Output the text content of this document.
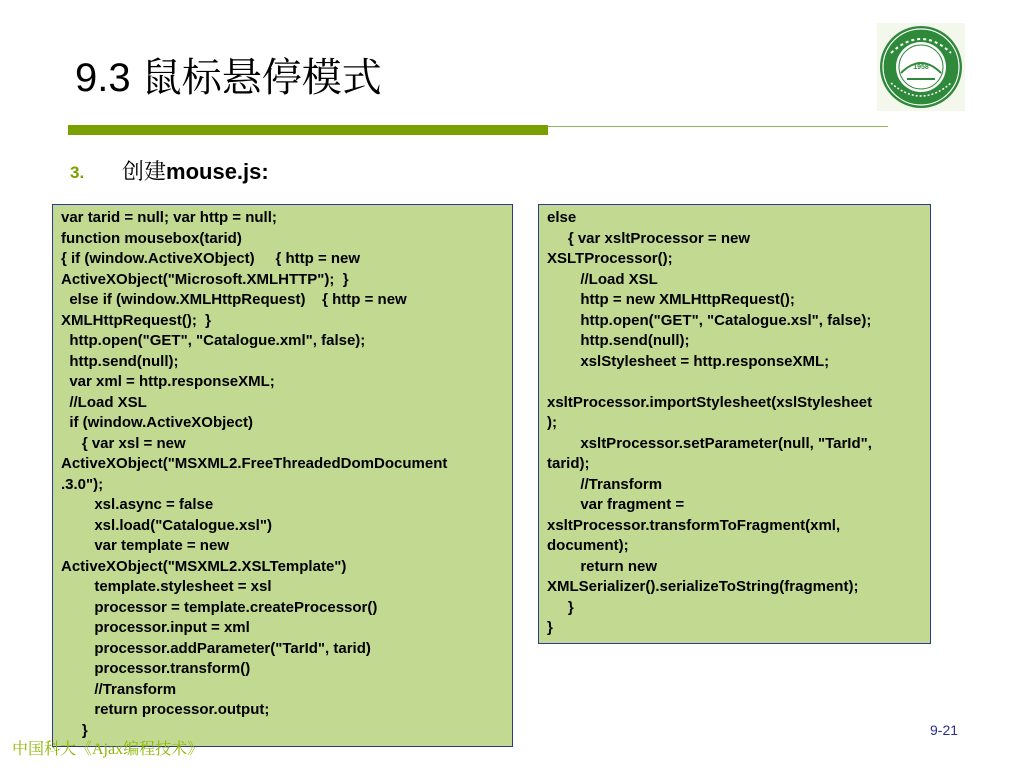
9.3 鼠标悬停模式	1958
3. 创建mouse.js:
var tarid = null; var http = null;
function mousebox(tarid)
{ if (window.ActiveXObject)     { http = new
ActiveXObject("Microsoft.XMLHTTP");  }
else if (window.XMLHttpRequest)    { http = new
XMLHttpRequest();  }
http.open("GET", "Catalogue.xml", false);
http.send(null);
var xml = http.responseXML;
//Load XSL
if (window.ActiveXObject)
{ var xsl = new
ActiveXObject("MSXML2.FreeThreadedDomDocument
.3.0");
xsl.async = false
xsl.load("Catalogue.xsl")
var template = new
ActiveXObject("MSXML2.XSLTemplate")
template.stylesheet = xsl
processor = template.createProcessor()
processor.input = xml
processor.addParameter("TarId", tarid)
processor.transform()
//Transform
return processor.output;
}
else
{ var xsltProcessor = new
XSLTProcessor();
//Load XSL
http = new XMLHttpRequest();
http.open("GET", "Catalogue.xsl", false);
http.send(null);
xslStylesheet = http.responseXML;

xsltProcessor.importStylesheet(xslStylesheet
);
xsltProcessor.setParameter(null, "TarId",
tarid);
//Transform
var fragment =
xsltProcessor.transformToFragment(xml,
document);
return new
XMLSerializer().serializeToString(fragment);
}
}
9-21
中国科大《Ajax编程技术》
